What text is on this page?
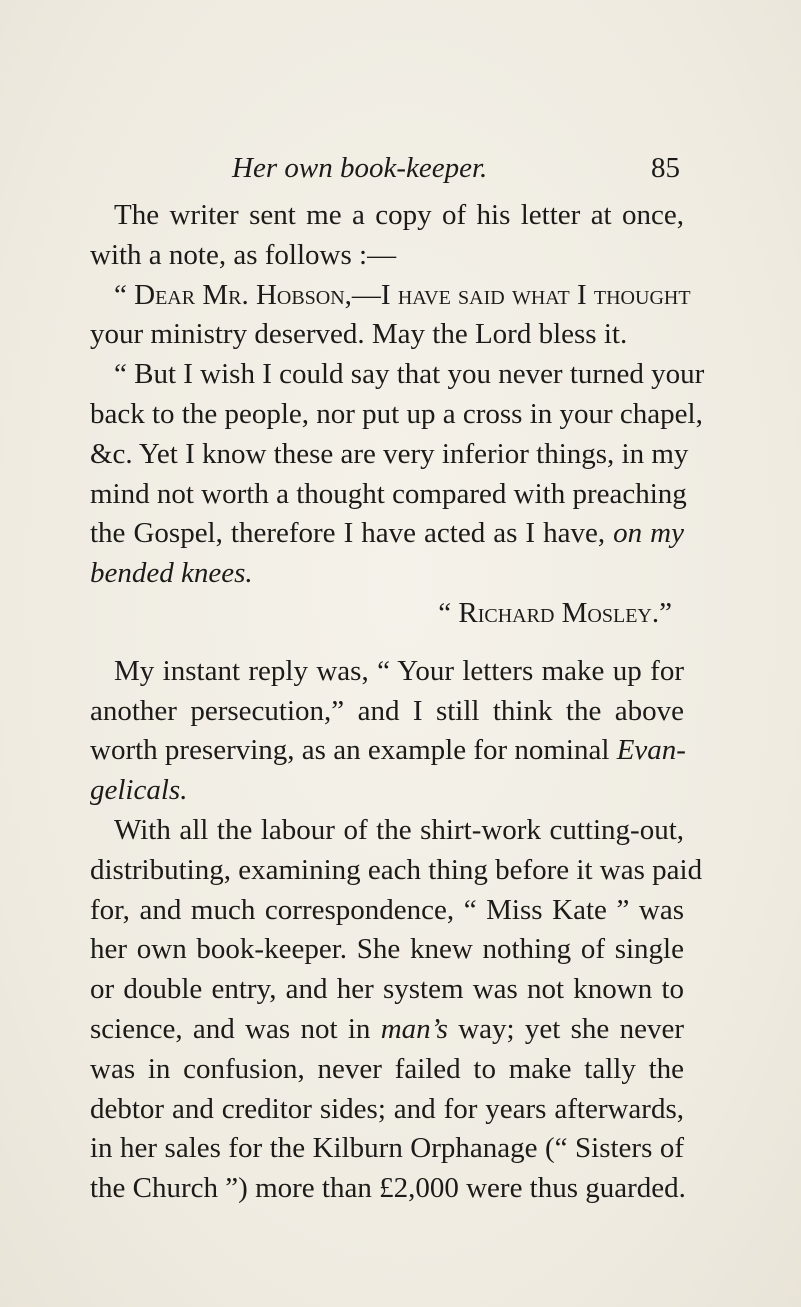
Her own book-keeper.	85
The writer sent me a copy of his letter at once,
with a note, as follows :—
“ Dear Mr. Hobson,—I have said what I thought
your ministry deserved. May the Lord bless it.
“ But I wish I could say that you never turned your
back to the people, nor put up a cross in your chapel,
&c. Yet I know these are very inferior things, in my
mind not worth a thought compared with preaching
the Gospel, therefore I have acted as I have, on my
bended knees.
“ Richard Mosley.”
My instant reply was, “ Your letters make up for
another persecution,” and I still think the above
worth preserving, as an example for nominal Evan-
gelicals.
With all the labour of the shirt-work cutting-out,
distributing, examining each thing before it was paid
for, and much correspondence, “ Miss Kate ” was
her own book-keeper. She knew nothing of single
or double entry, and her system was not known to
science, and was not in man’s way; yet she never
was in confusion, never failed to make tally the
debtor and creditor sides; and for years afterwards,
in her sales for the Kilburn Orphanage (“ Sisters of
the Church ”) more than £2,000 were thus guarded.
